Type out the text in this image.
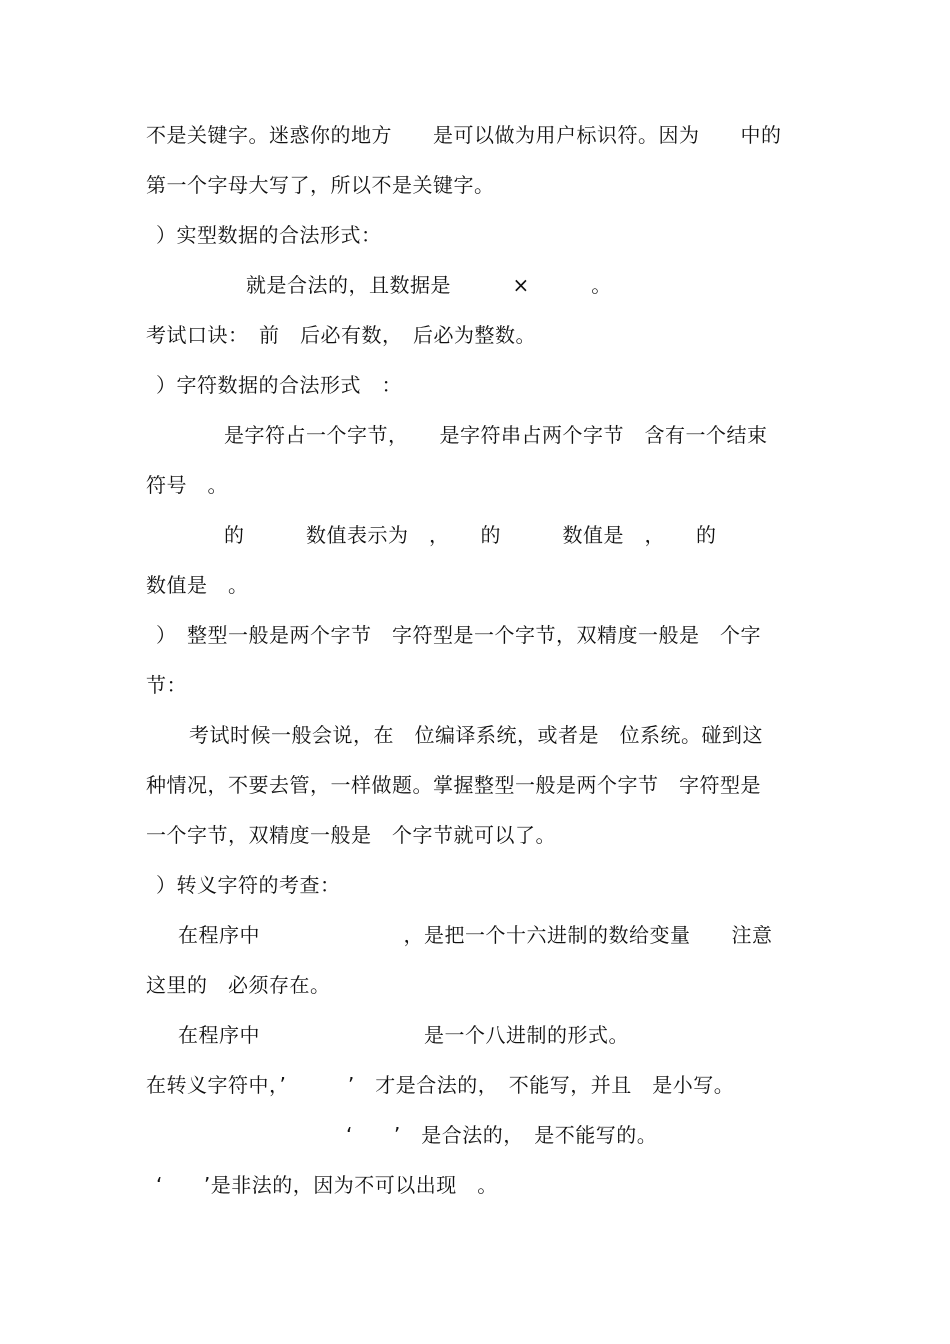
不是关键字。迷惑你的地方　　是可以做为用户标识符。因为　　中的
第一个字母大写了，所以不是关键字。
）实型数据的合法形式：
就是合法的，且数据是　　　×　　　。
考试口诀：　前　后必有数，　后必为整数。
）字符数据的合法形式　：
是字符占一个字节，　　是字符串占两个字节　含有一个结束
符号　。
的　　　数值表示为　，　　的　　　数值是　，　　的
数值是　。
）　整型一般是两个字节　字符型是一个字节，双精度一般是　个字
节：
考试时候一般会说，在　位编译系统，或者是　位系统。碰到这
种情况，不要去管，一样做题。掌握整型一般是两个字节　字符型是
一个字节，双精度一般是　个字节就可以了。
）转义字符的考查：
在程序中　　　　　　　，是把一个十六进制的数给变量　　注意
这里的　必须存在。
在程序中　　　　　　　　是一个八进制的形式。
在转义字符中，’　　　’　才是合法的，　不能写，并且　是小写。
‘　　’　是合法的，　是不能写的。
‘　　’是非法的，因为不可以出现　。
